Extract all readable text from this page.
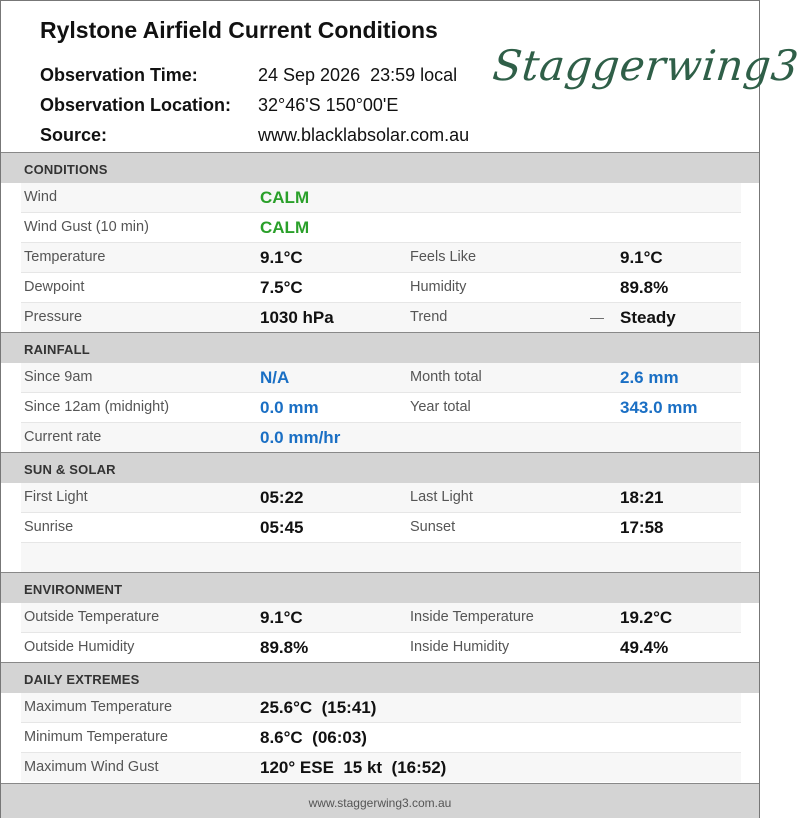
Rylstone Airfield Current Conditions
Observation Time:	24 Sep 2026  23:59 local
Observation Location: 32°46'S 150°00'E
Source:	www.blacklabsolar.com.au
Staggerwing3
CONDITIONS
Wind	CALM
Wind Gust (10 min)	CALM
Temperature	9.1°C	Feels Like	9.1°C
Dewpoint	7.5°C	Humidity	89.8%
Pressure	1030 hPa	Trend	— Steady
RAINFALL
Since 9am	N/A	Month total	2.6 mm
Since 12am (midnight)	0.0 mm	Year total	343.0 mm
Current rate	0.0 mm/hr
SUN & SOLAR
First Light	05:22	Last Light	18:21
Sunrise	05:45	Sunset	17:58
ENVIRONMENT
Outside Temperature	9.1°C	Inside Temperature	19.2°C
Outside Humidity	89.8%	Inside Humidity	49.4%
DAILY EXTREMES
Maximum Temperature	25.6°C  (15:41)
Minimum Temperature	8.6°C  (06:03)
Maximum Wind Gust	120° ESE  15 kt  (16:52)
www.staggerwing3.com.au
